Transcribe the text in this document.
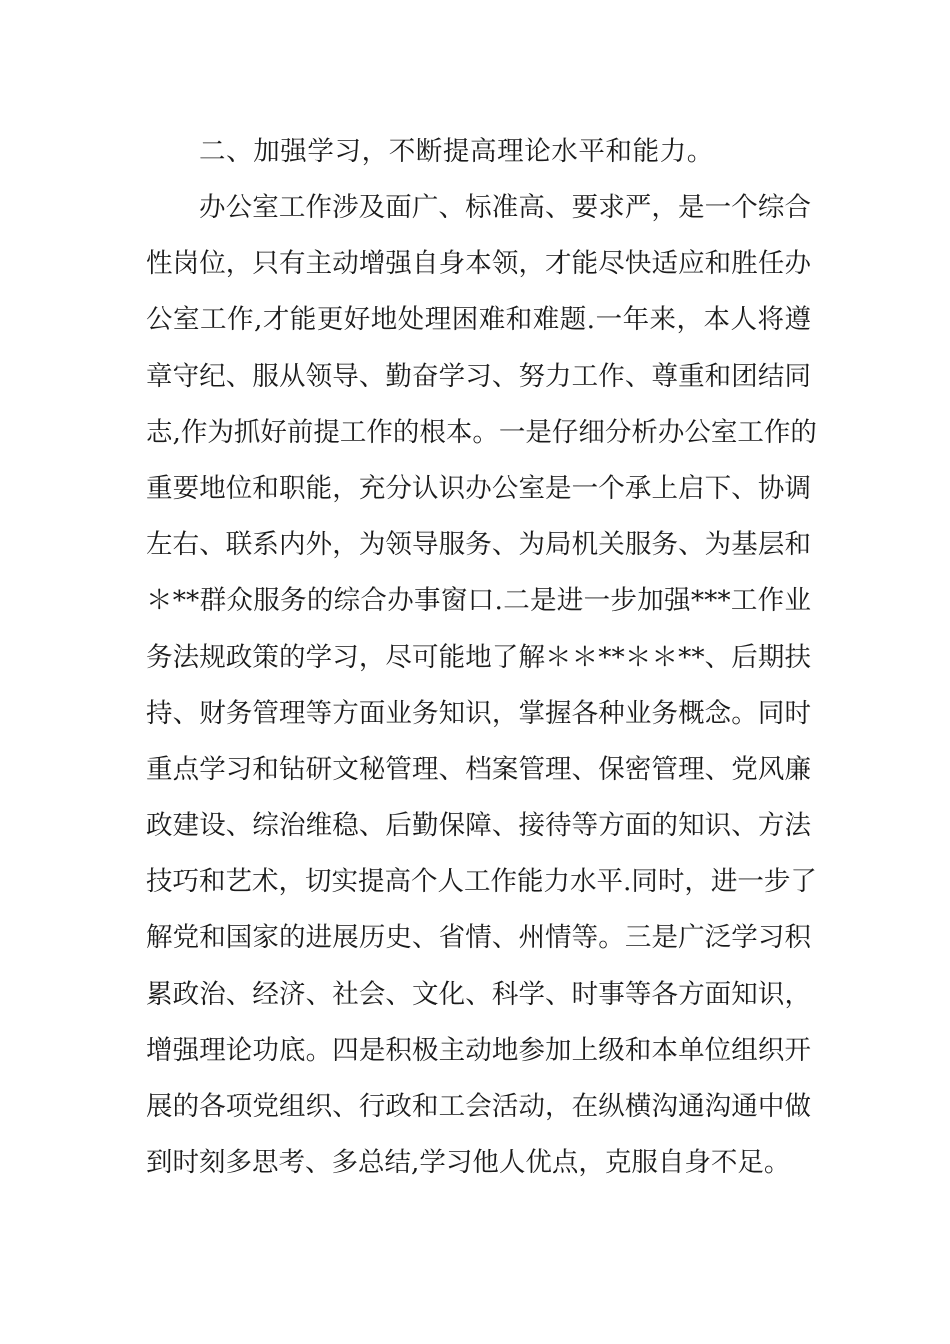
二、加强学习，不断提高理论水平和能力。

办公室工作涉及面广、标准高、要求严，是一个综合
性岗位，只有主动增强自身本领，才能尽快适应和胜任办
公室工作,才能更好地处理困难和难题.一年来，本人将遵
章守纪、服从领导、勤奋学习、努力工作、尊重和团结同
志,作为抓好前提工作的根本。一是仔细分析办公室工作的
重要地位和职能，充分认识办公室是一个承上启下、协调
左右、联系内外，为领导服务、为局机关服务、为基层和
＊**群众服务的综合办事窗口.二是进一步加强***工作业
务法规政策的学习，尽可能地了解＊＊**＊＊**、后期扶
持、财务管理等方面业务知识，掌握各种业务概念。同时
重点学习和钻研文秘管理、档案管理、保密管理、党风廉
政建设、综治维稳、后勤保障、接待等方面的知识、方法
技巧和艺术，切实提高个人工作能力水平.同时，进一步了
解党和国家的进展历史、省情、州情等。三是广泛学习积
累政治、经济、社会、文化、科学、时事等各方面知识，
增强理论功底。四是积极主动地参加上级和本单位组织开
展的各项党组织、行政和工会活动，在纵横沟通沟通中做
到时刻多思考、多总结,学习他人优点，克服自身不足。
